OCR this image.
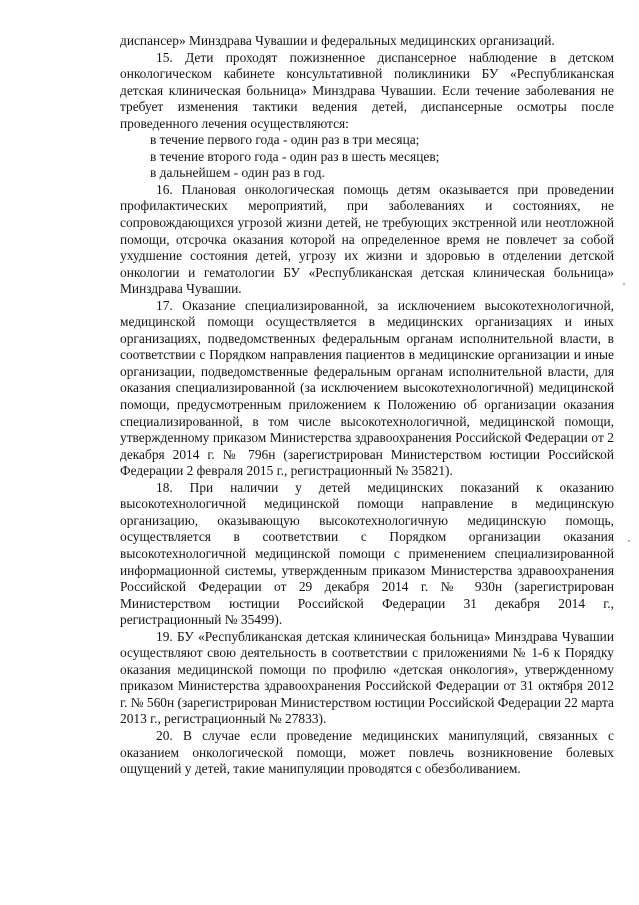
диспансер» Минздрава Чувашии и федеральных медицинских организаций.

15. Дети проходят пожизненное диспансерное наблюдение в детском онкологическом кабинете консультативной поликлиники БУ «Республиканская детская клиническая больница» Минздрава Чувашии. Если течение заболевания не требует изменения тактики ведения детей, диспансерные осмотры после проведенного лечения осуществляются:

в течение первого года - один раз в три месяца;

в течение второго года - один раз в шесть месяцев;

в дальнейшем - один раз в год.

16. Плановая онкологическая помощь детям оказывается при проведении профилактических мероприятий, при заболеваниях и состояниях, не сопровождающихся угрозой жизни детей, не требующих экстренной или неотложной помощи, отсрочка оказания которой на определенное время не повлечет за собой ухудшение состояния детей, угрозу их жизни и здоровью в отделении детской онкологии и гематологии БУ «Республиканская детская клиническая больница» Минздрава Чувашии.

17. Оказание специализированной, за исключением высокотехнологичной, медицинской помощи осуществляется в медицинских организациях и иных организациях, подведомственных федеральным органам исполнительной власти, в соответствии с Порядком направления пациентов в медицинские организации и иные организации, подведомственные федеральным органам исполнительной власти, для оказания специализированной (за исключением высокотехнологичной) медицинской помощи, предусмотренным приложением к Положению об организации оказания специализированной, в том числе высокотехнологичной, медицинской помощи, утвержденному приказом Министерства здравоохранения Российской Федерации от 2 декабря 2014 г. № 796н (зарегистрирован Министерством юстиции Российской Федерации 2 февраля 2015 г., регистрационный № 35821).

18. При наличии у детей медицинских показаний к оказанию высокотехнологичной медицинской помощи направление в медицинскую организацию, оказывающую высокотехнологичную медицинскую помощь, осуществляется в соответствии с Порядком организации оказания высокотехнологичной медицинской помощи с применением специализированной информационной системы, утвержденным приказом Министерства здравоохранения Российской Федерации от 29 декабря 2014 г. № 930н (зарегистрирован Министерством юстиции Российской Федерации 31 декабря 2014 г., регистрационный № 35499).

19. БУ «Республиканская детская клиническая больница» Минздрава Чувашии осуществляют свою деятельность в соответствии с приложениями № 1-6 к Порядку оказания медицинской помощи по профилю «детская онкология», утвержденному приказом Министерства здравоохранения Российской Федерации от 31 октября 2012 г. № 560н (зарегистрирован Министерством юстиции Российской Федерации 22 марта 2013 г., регистрационный № 27833).

20. В случае если проведение медицинских манипуляций, связанных с оказанием онкологической помощи, может повлечь возникновение болевых ощущений у детей, такие манипуляции проводятся с обезболиванием.
